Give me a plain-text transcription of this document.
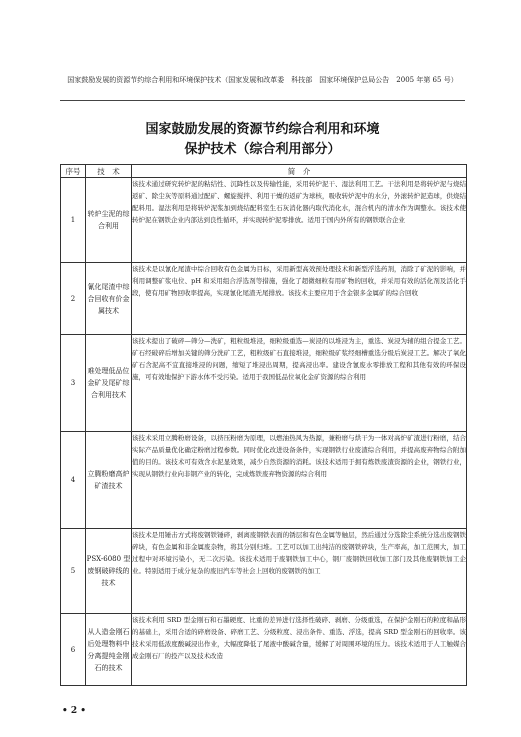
国家鼓励发展的资源节约综合利用和环境保护技术（国家发展和改革委　科技部　国家环境保护总局公告　2005 年第 65 号）
国家鼓励发展的资源节约综合利用和环境
保护技术（综合利用部分）
序号	技　术	简　介
1	转炉尘泥的综合利用	该技术通过研究转炉泥的粘结性、沉降性以及传输性能，采用转炉泥干、湿法利用工艺。干法利用是将转炉泥与烧结返矿、除尘灰等原料通过配矿、螺旋搅拌、利用干燥的返矿为球核，吸收转炉泥中的水分，外滚转炉泥造球，供烧结配料用。湿法利用是将转炉泥浆加到烧结配料室生石灰消化器内取代消化水，混合机内的清水作为调整水。该技术使转炉泥在钢铁企业内部达到良性循环，并实现转炉泥零排放。适用于国内外所有的钢铁联合企业
2	氰化尾渣中综合回收有价金属技术	该技术是以氰化尾渣中综合回收有色金属为目标，采用新型高效预处理技术和新型浮选药剂，消除了矿泥的影响，并利用调整矿浆电位、pH 和采用组合浮选剂等措施，强化了超微细粒有用矿物的回收，并采用有效的活化剂及活化手段，使有用矿物回收率提高，实现氰化尾渣无尾排放。该技术主要应用于含金银多金属矿的综合回收
3	难处理低品位金矿及尾矿综合利用技术	该技术提出了破碎—筛分—洗矿，粗粒级堆浸，细粒级重选—炭浸的以堆浸为主，重选、炭浸为辅的组合提金工艺。矿石经破碎后增加关键的筛分洗矿工艺，粗粒级矿石直接堆浸，细粒级矿浆经细槽重选分级后炭浸工艺。解决了氧化矿石含泥高不宜直接堆浸的问题，缩短了堆浸出周期，提高浸出率。建设含氰废水零排放工程和其他有效的环保设施，可有效地保护下游水体不受污染。适用于我国低品位氧化金矿资源的综合利用
4	立腾粉磨高炉矿渣技术	该技术采用立腾粉磨设备，以挤压粉磨为原理，以燃油热风为热源，兼粉磨与烘干为一体对高炉矿渣进行粉磨，结合实际产品质量优化确定粉磨过程参数。同时优化改进设备条件，实现钢铁行业废渣综合利用，并提高废弃物综合附加值的目的。该技术可有效含水泥显效果，减少自然资源的消耗。该技术适用于拥有炼铁废渣资源的企业，钢铁行业，实现从钢铁行业向非钢产业的转化，完成炼铁废弃物资源的综合利用
5	PSX-6080 型废钢破碎线的技术	该技术是用锤击方式将废钢铁锤碎，剥离废钢铁表面的锈层和有色金属等触层，然后通过分选除尘系统分选出废钢铁碎块，有色金属和非金属废杂物，将其分别归堆。工艺可以加工出纯洁的废钢铁碎块，生产率高，加工范围大，加工过程中对环境污染小，无二次污染。该技术适用于废钢铁加工中心，钢厂废钢铁回收加工部门及其他废钢铁加工企业。特别适用于成分复杂的废旧汽车等社会上回收的废钢铁的加工
6	从人造金刚石后处理物料中分离提纯金刚石的技术	该技术利用 SRD 型金刚石和石墨硬度、比重的差异进行选择性破碎、剥磨、分级重选，在保护金刚石的粒度和晶形的基础上，采用合适的碎磨设备、碎磨工艺、分级粒度、浸出条件、重选、浮选，提高 SRD 型金刚石的回收率。该技术采用低浓度酸碱浸出作业，大幅度降低了尾液中酸碱含量，缓解了对周围环境的压力。该技术适用于人工触媒合成金刚石厂的投产以及技术改造
• 2 •
